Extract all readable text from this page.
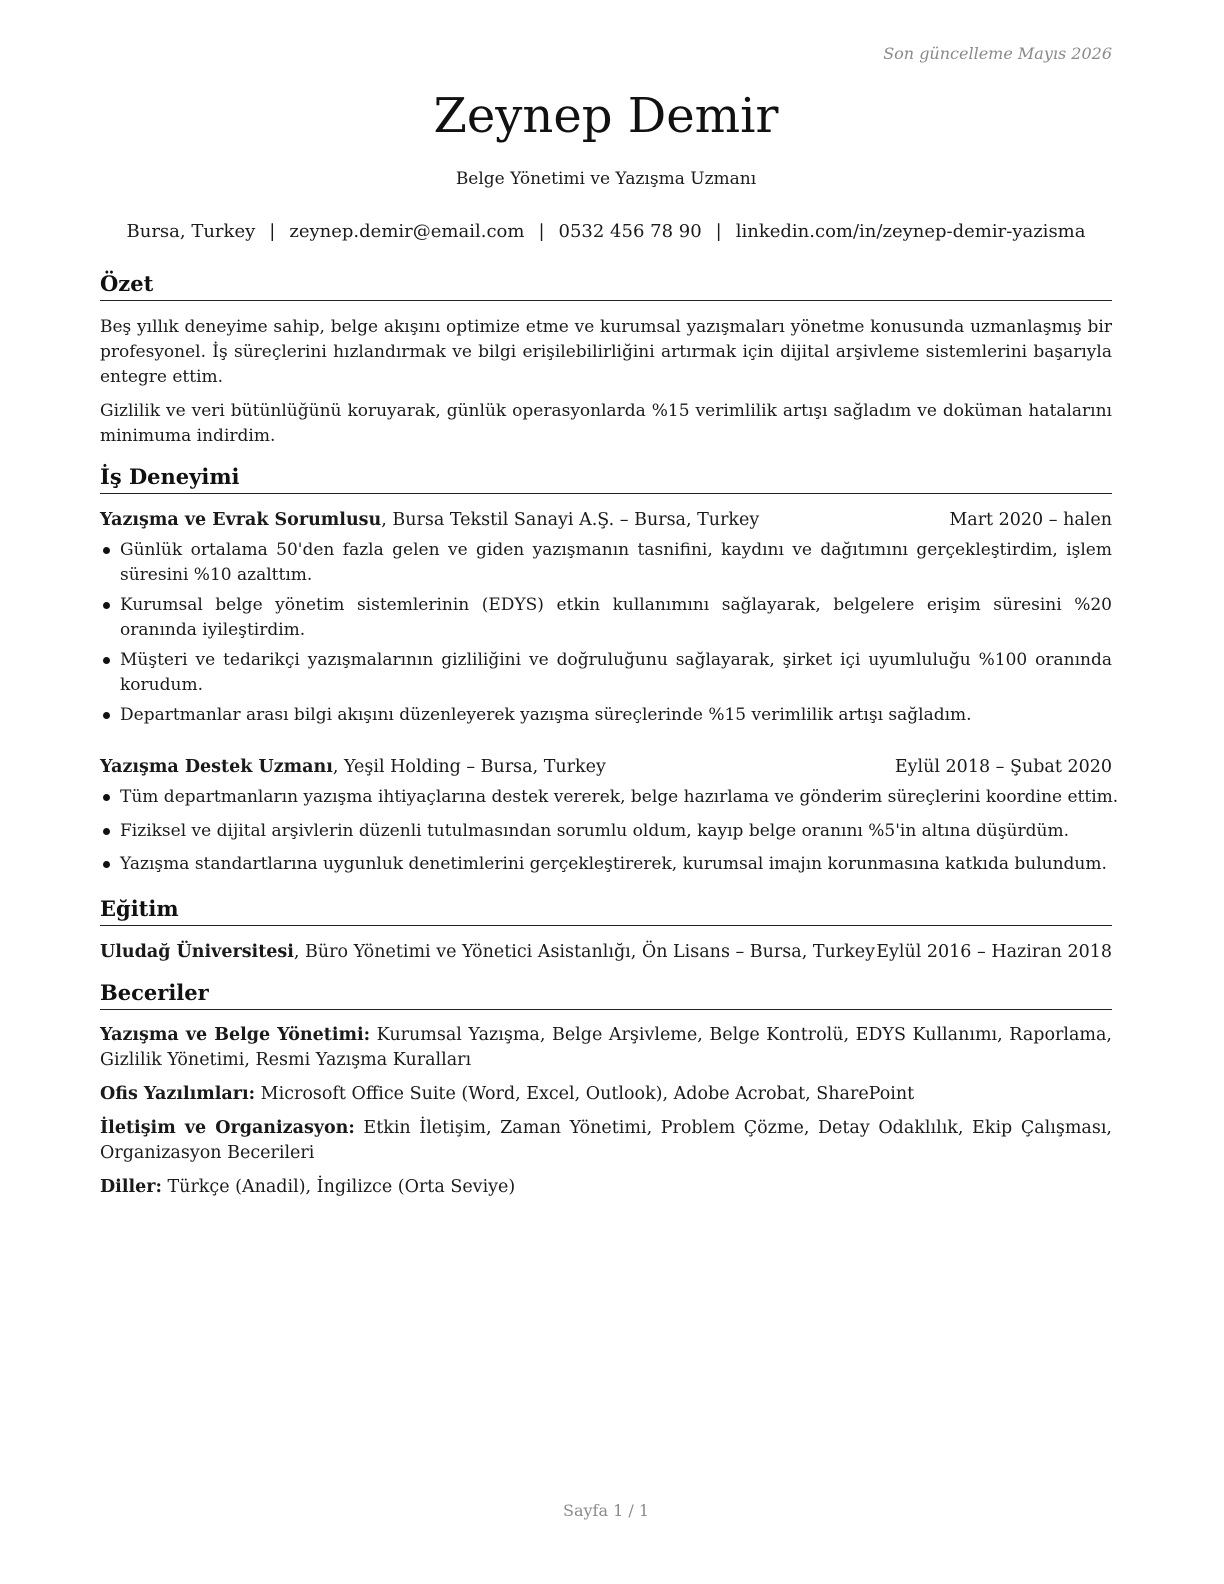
Son güncelleme Mayıs 2026
Zeynep Demir
Belge Yönetimi ve Yazışma Uzmanı
Bursa, Turkey | zeynep.demir@email.com | 0532 456 78 90 | linkedin.com/in/zeynep-demir-yazisma
Özet
Beş yıllık deneyime sahip, belge akışını optimize etme ve kurumsal yazışmaları yönetme konusunda uzmanlaşmış bir profesyonel. İş süreçlerini hızlandırmak ve bilgi erişilebilirliğini artırmak için dijital arşivleme sistemlerini başarıyla entegre ettim.
Gizlilik ve veri bütünlüğünü koruyarak, günlük operasyonlarda %15 verimlilik artışı sağladım ve doküman hatalarını minimuma indirdim.
İş Deneyimi
Yazışma ve Evrak Sorumlusu, Bursa Tekstil Sanayi A.Ş. – Bursa, Turkey	Mart 2020 – halen
Günlük ortalama 50'den fazla gelen ve giden yazışmanın tasnifini, kaydını ve dağıtımını gerçekleştirdim, işlem süresini %10 azalttım.
Kurumsal belge yönetim sistemlerinin (EDYS) etkin kullanımını sağlayarak, belgelere erişim süresini %20 oranında iyileştirdim.
Müşteri ve tedarikçi yazışmalarının gizliliğini ve doğruluğunu sağlayarak, şirket içi uyumluluğu %100 oranında korudum.
Departmanlar arası bilgi akışını düzenleyerek yazışma süreçlerinde %15 verimlilik artışı sağladım.
Yazışma Destek Uzmanı, Yeşil Holding – Bursa, Turkey	Eylül 2018 – Şubat 2020
Tüm departmanların yazışma ihtiyaçlarına destek vererek, belge hazırlama ve gönderim süreçlerini koordine ettim.
Fiziksel ve dijital arşivlerin düzenli tutulmasından sorumlu oldum, kayıp belge oranını %5'in altına düşürdüm.
Yazışma standartlarına uygunluk denetimlerini gerçekleştirerek, kurumsal imajın korunmasına katkıda bulundum.
Eğitim
Uludağ Üniversitesi, Büro Yönetimi ve Yönetici Asistanlığı, Ön Lisans – Bursa, Turkey Eylül 2016 – Haziran 2018
Beceriler
Yazışma ve Belge Yönetimi: Kurumsal Yazışma, Belge Arşivleme, Belge Kontrolü, EDYS Kullanımı, Raporlama, Gizlilik Yönetimi, Resmi Yazışma Kuralları
Ofis Yazılımları: Microsoft Office Suite (Word, Excel, Outlook), Adobe Acrobat, SharePoint
İletişim ve Organizasyon: Etkin İletişim, Zaman Yönetimi, Problem Çözme, Detay Odaklılık, Ekip Çalışması, Organizasyon Becerileri
Diller: Türkçe (Anadil), İngilizce (Orta Seviye)
Sayfa 1 / 1
